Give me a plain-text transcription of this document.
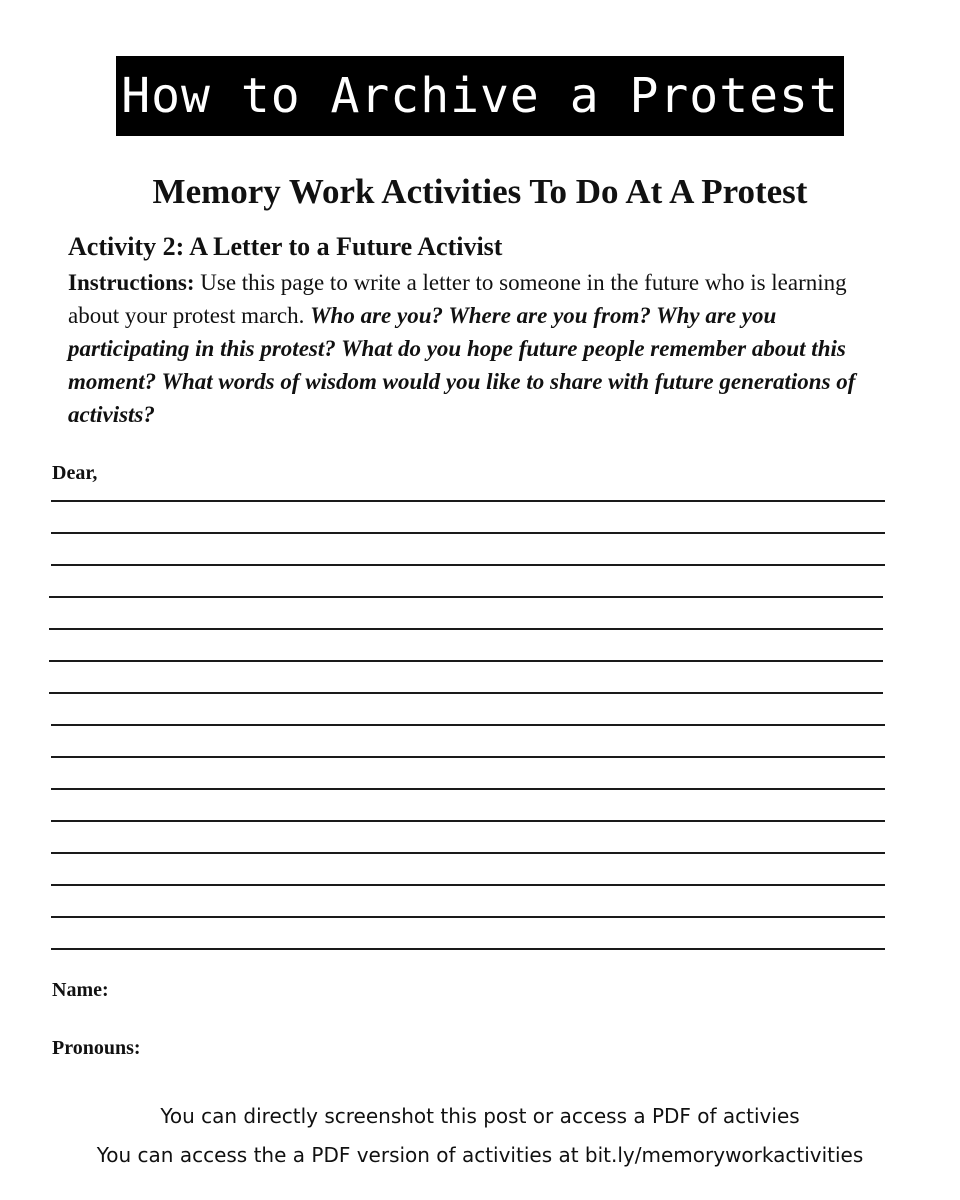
How to Archive a Protest
Memory Work Activities To Do At A Protest
Activity 2: A Letter to a Future Activist
Instructions: Use this page to write a letter to someone in the future who is learning about your protest march. Who are you? Where are you from? Why are you participating in this protest? What do you hope future people remember about this moment? What words of wisdom would you like to share with future generations of activists?
Dear,
Name:
Pronouns:
You can directly screenshot this post or access a PDF of activies
You can access the a PDF version of activities at bit.ly/memoryworkactivities
